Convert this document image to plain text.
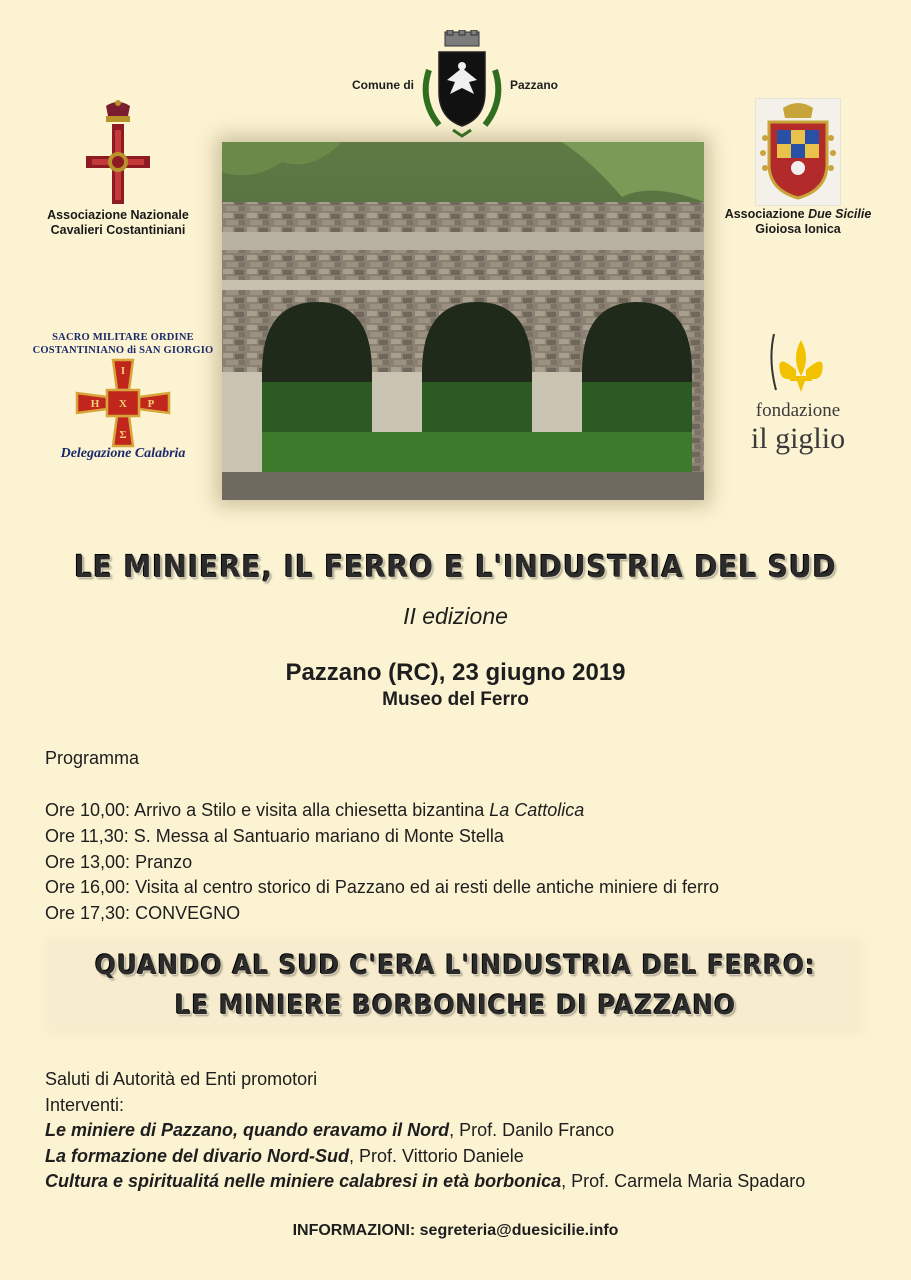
Comune di	Pazzano
Associazione Nazionale
Cavalieri Costantiniani
Associazione Due Sicilie
Gioiosa Ionica
SACRO MILITARE ORDINE
COSTANTINIANO di SAN GIORGIO
I
H X P
Σ
Delegazione Calabria
fondazione
il giglio
LE MINIERE, IL FERRO E L'INDUSTRIA DEL SUD
II edizione
Pazzano (RC), 23 giugno 2019
Museo del Ferro
Programma
Ore 10,00: Arrivo a Stilo e visita alla chiesetta bizantina La Cattolica
Ore 11,30: S. Messa al Santuario mariano di Monte Stella
Ore 13,00: Pranzo
Ore 16,00: Visita al centro storico di Pazzano ed ai resti delle antiche miniere di ferro
Ore 17,30: CONVEGNO
QUANDO AL SUD C'ERA L'INDUSTRIA DEL FERRO:
LE MINIERE BORBONICHE DI PAZZANO
Saluti di Autorità ed Enti promotori
Interventi:
Le miniere di Pazzano, quando eravamo il Nord, Prof. Danilo Franco
La formazione del divario Nord-Sud, Prof. Vittorio Daniele
Cultura e spiritualitá nelle miniere calabresi in età borbonica, Prof. Carmela Maria Spadaro
INFORMAZIONI: segreteria@duesicilie.info
